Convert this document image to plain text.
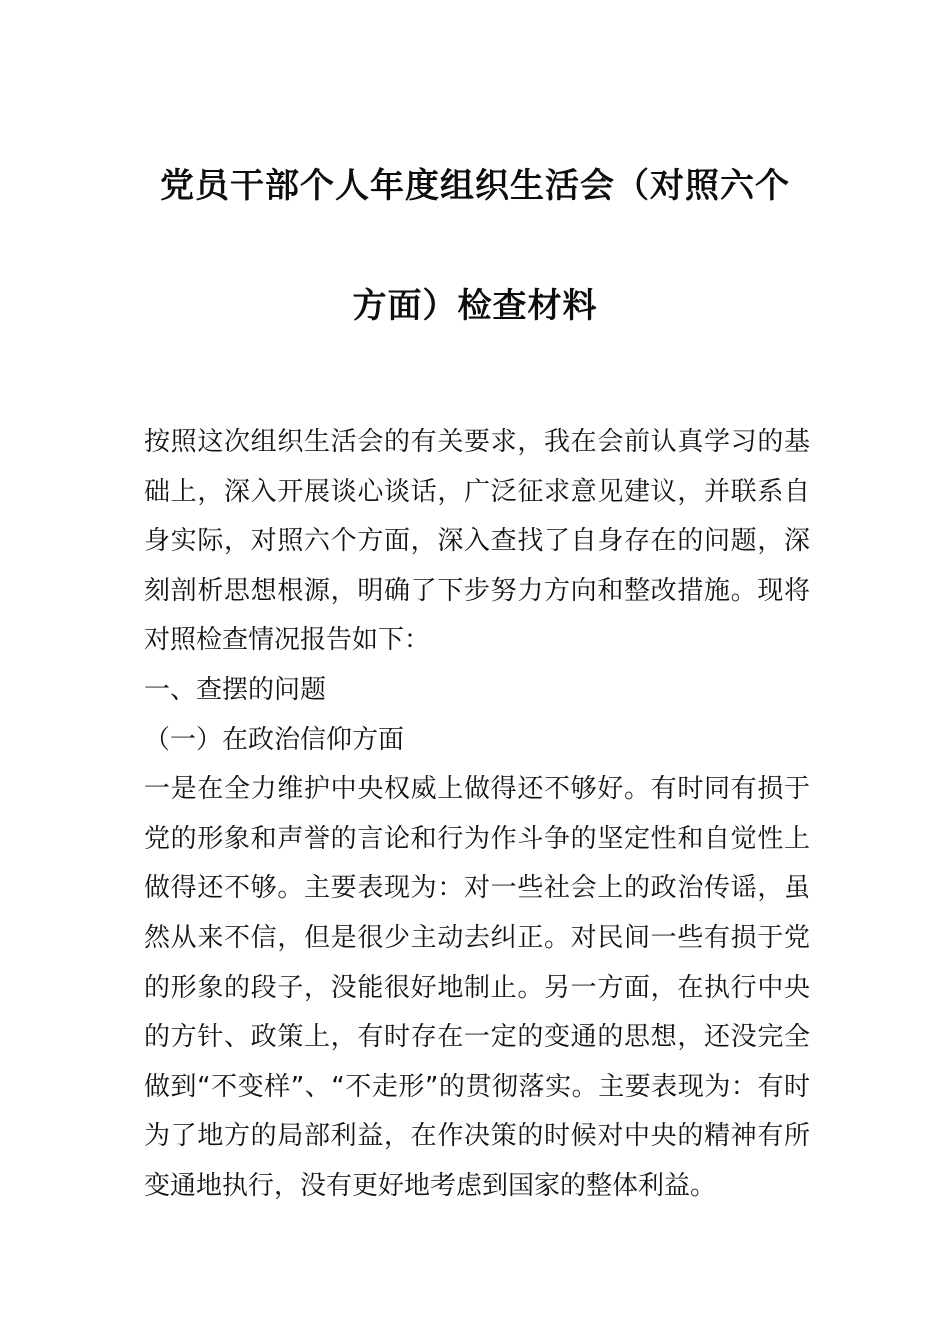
党员干部个人年度组织生活会（对照六个
方面）检查材料

按照这次组织生活会的有关要求，我在会前认真学习的基础上，深入开展谈心谈话，广泛征求意见建议，并联系自身实际，对照六个方面，深入查找了自身存在的问题，深刻剖析思想根源，明确了下步努力方向和整改措施。现将对照检查情况报告如下：

一、查摆的问题

（一）在政治信仰方面

一是在全力维护中央权威上做得还不够好。有时同有损于党的形象和声誉的言论和行为作斗争的坚定性和自觉性上做得还不够。主要表现为：对一些社会上的政治传谣，虽然从来不信，但是很少主动去纠正。对民间一些有损于党的形象的段子，没能很好地制止。另一方面，在执行中央的方针、政策上，有时存在一定的变通的思想，还没完全做到“不变样”、“不走形”的贯彻落实。主要表现为：有时为了地方的局部利益，在作决策的时候对中央的精神有所变通地执行，没有更好地考虑到国家的整体利益。
